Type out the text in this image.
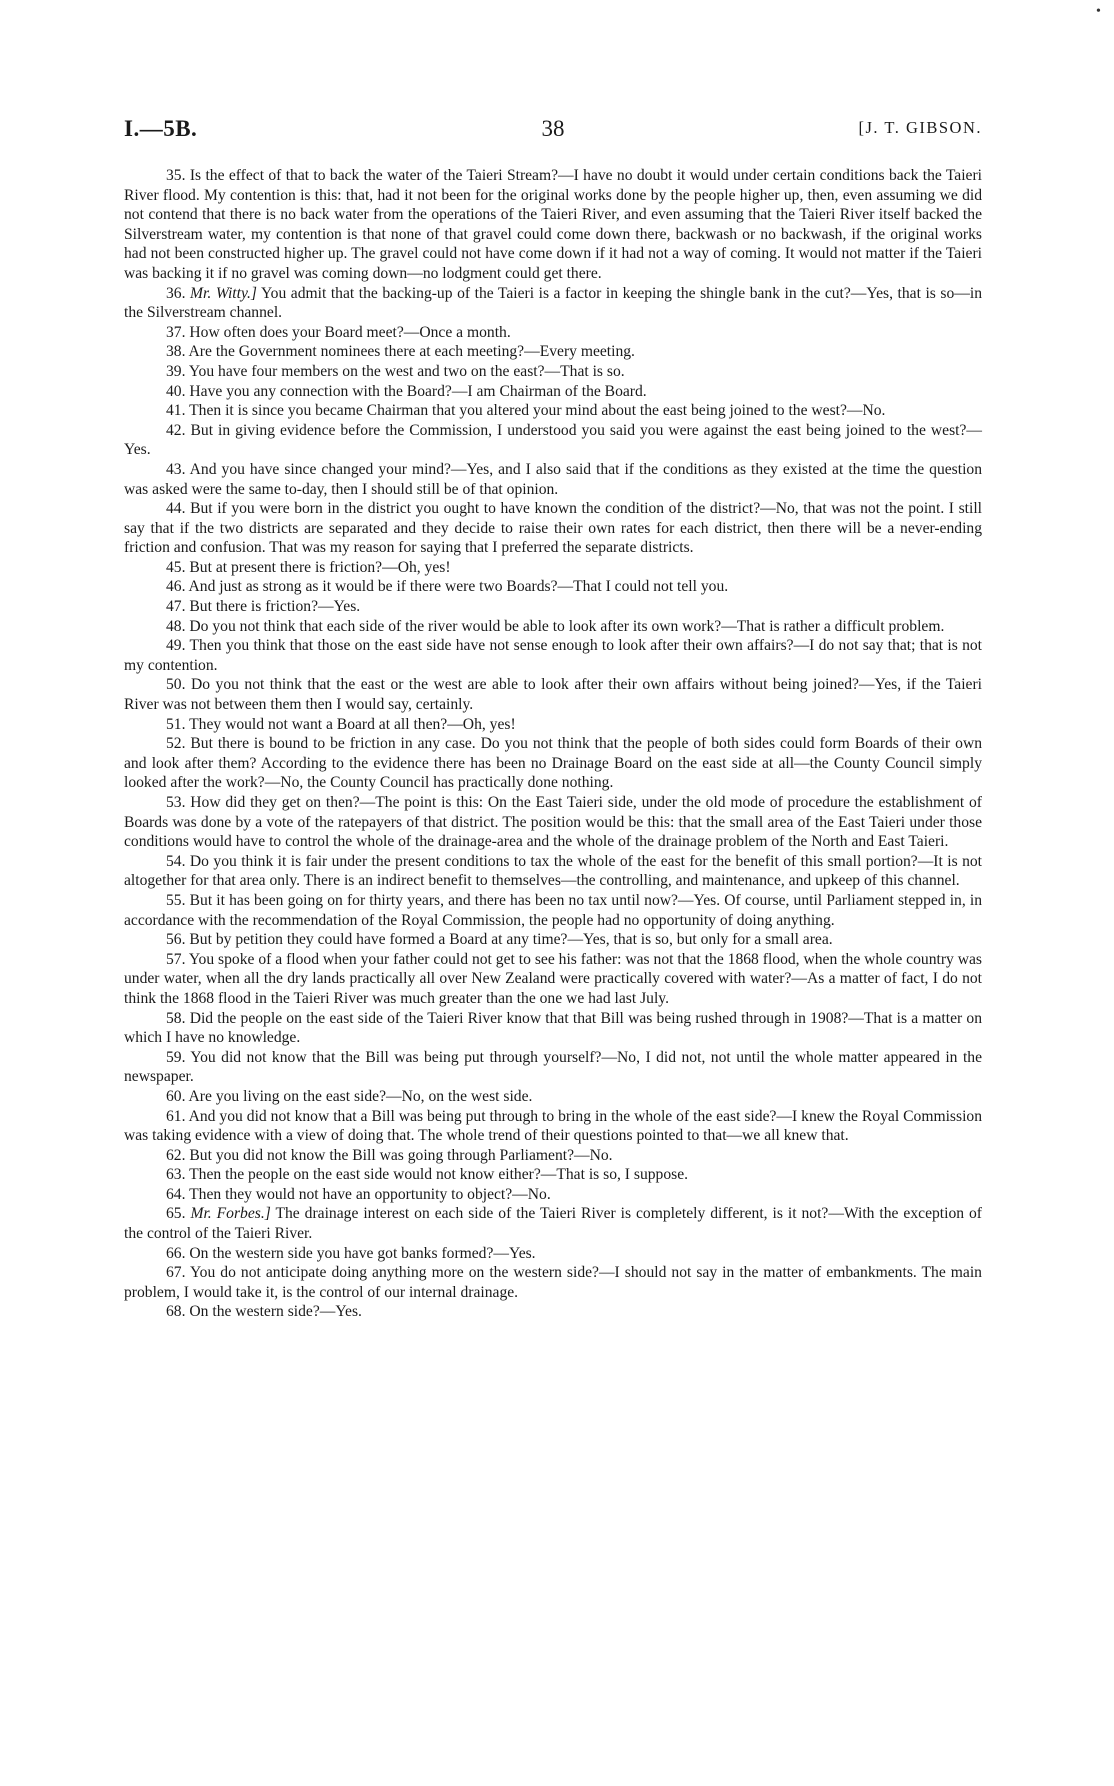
I.—5B.	38	[J. T. GIBSON.

35. Is the effect of that to back the water of the Taieri Stream?—I have no doubt it would under certain conditions back the Taieri River flood. My contention is this: that, had it not been for the original works done by the people higher up, then, even assuming we did not contend that there is no back water from the operations of the Taieri River, and even assuming that the Taieri River itself backed the Silverstream water, my contention is that none of that gravel could come down there, backwash or no backwash, if the original works had not been constructed higher up. The gravel could not have come down if it had not a way of coming. It would not matter if the Taieri was backing it if no gravel was coming down—no lodgment could get there.

36. Mr. Witty.] You admit that the backing-up of the Taieri is a factor in keeping the shingle bank in the cut?—Yes, that is so—in the Silverstream channel.

37. How often does your Board meet?—Once a month.

38. Are the Government nominees there at each meeting?—Every meeting.

39. You have four members on the west and two on the east?—That is so.

40. Have you any connection with the Board?—I am Chairman of the Board.

41. Then it is since you became Chairman that you altered your mind about the east being joined to the west?—No.

42. But in giving evidence before the Commission, I understood you said you were against the east being joined to the west?—Yes.

43. And you have since changed your mind?—Yes, and I also said that if the conditions as they existed at the time the question was asked were the same to-day, then I should still be of that opinion.

44. But if you were born in the district you ought to have known the condition of the district?—No, that was not the point. I still say that if the two districts are separated and they decide to raise their own rates for each district, then there will be a never-ending friction and confusion. That was my reason for saying that I preferred the separate districts.

45. But at present there is friction?—Oh, yes!

46. And just as strong as it would be if there were two Boards?—That I could not tell you.

47. But there is friction?—Yes.

48. Do you not think that each side of the river would be able to look after its own work?—That is rather a difficult problem.

49. Then you think that those on the east side have not sense enough to look after their own affairs?—I do not say that; that is not my contention.

50. Do you not think that the east or the west are able to look after their own affairs without being joined?—Yes, if the Taieri River was not between them then I would say, certainly.

51. They would not want a Board at all then?—Oh, yes!

52. But there is bound to be friction in any case. Do you not think that the people of both sides could form Boards of their own and look after them? According to the evidence there has been no Drainage Board on the east side at all—the County Council simply looked after the work?—No, the County Council has practically done nothing.

53. How did they get on then?—The point is this: On the East Taieri side, under the old mode of procedure the establishment of Boards was done by a vote of the ratepayers of that district. The position would be this: that the small area of the East Taieri under those conditions would have to control the whole of the drainage-area and the whole of the drainage problem of the North and East Taieri.

54. Do you think it is fair under the present conditions to tax the whole of the east for the benefit of this small portion?—It is not altogether for that area only. There is an indirect benefit to themselves—the controlling, and maintenance, and upkeep of this channel.

55. But it has been going on for thirty years, and there has been no tax until now?—Yes. Of course, until Parliament stepped in, in accordance with the recommendation of the Royal Commission, the people had no opportunity of doing anything.

56. But by petition they could have formed a Board at any time?—Yes, that is so, but only for a small area.

57. You spoke of a flood when your father could not get to see his father: was not that the 1868 flood, when the whole country was under water, when all the dry lands practically all over New Zealand were practically covered with water?—As a matter of fact, I do not think the 1868 flood in the Taieri River was much greater than the one we had last July.

58. Did the people on the east side of the Taieri River know that that Bill was being rushed through in 1908?—That is a matter on which I have no knowledge.

59. You did not know that the Bill was being put through yourself?—No, I did not, not until the whole matter appeared in the newspaper.

60. Are you living on the east side?—No, on the west side.

61. And you did not know that a Bill was being put through to bring in the whole of the east side?—I knew the Royal Commission was taking evidence with a view of doing that. The whole trend of their questions pointed to that—we all knew that.

62. But you did not know the Bill was going through Parliament?—No.

63. Then the people on the east side would not know either?—That is so, I suppose.

64. Then they would not have an opportunity to object?—No.

65. Mr. Forbes.] The drainage interest on each side of the Taieri River is completely different, is it not?—With the exception of the control of the Taieri River.

66. On the western side you have got banks formed?—Yes.

67. You do not anticipate doing anything more on the western side?—I should not say in the matter of embankments. The main problem, I would take it, is the control of our internal drainage.

68. On the western side?—Yes.

•
